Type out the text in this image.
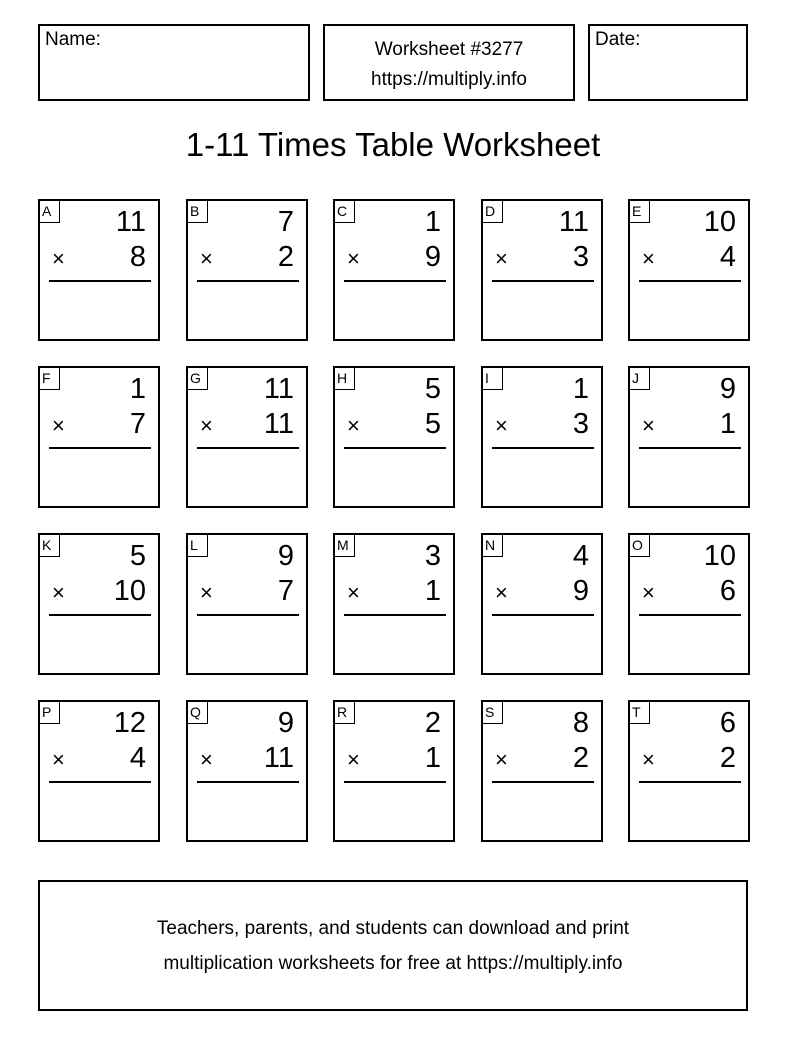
Name:	Worksheet #3277
https://multiply.info
Date:
1-11 Times Table Worksheet
A 11
× 8
B	7
× 2
C	1
× 9
D 11
× 3
E 10
× 4
F	1
× 7
G 11
× 11
H	5
× 5
I	1
× 3
J	9
× 1
K	5
× 10
L	9
× 7
M	3
× 1
N	4
× 9
O 10
× 6
P 12
× 4
Q	9
× 11
R	2
× 1
S	8
× 2
T	6
× 2
Teachers, parents, and students can download and print
multiplication worksheets for free at https://multiply.info
